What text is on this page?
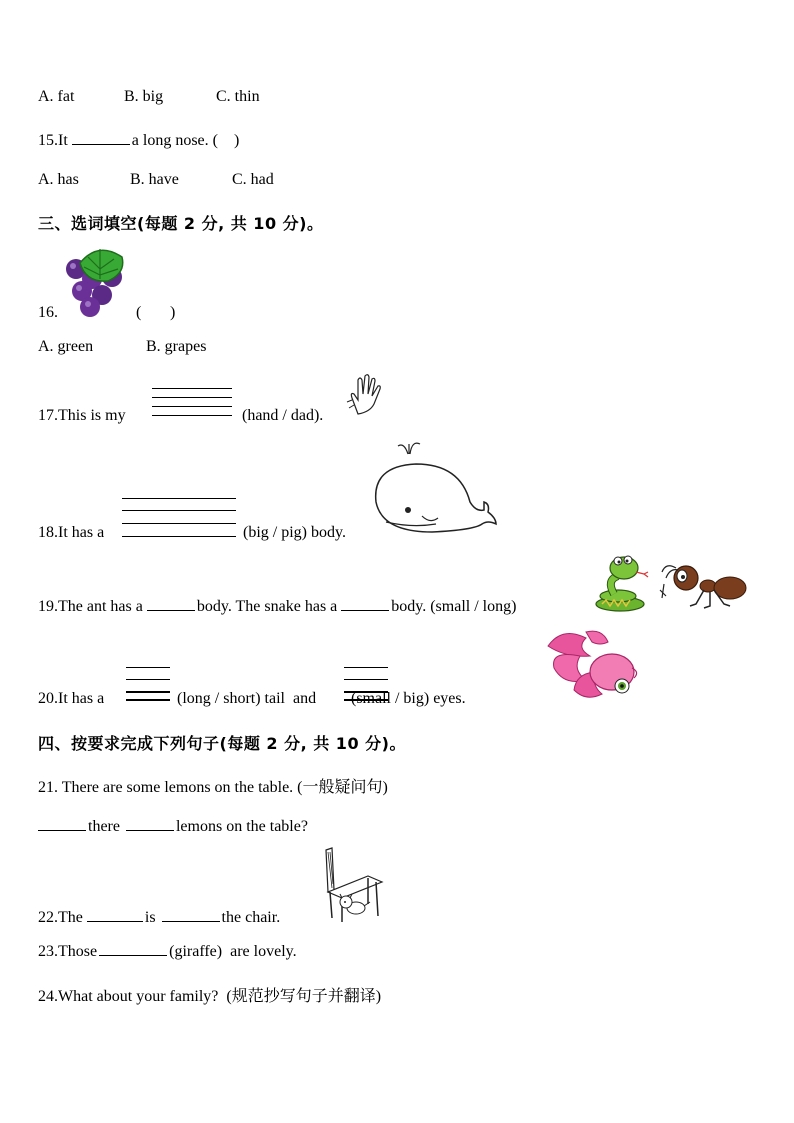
A. fat	B. big	C. thin
15.It	a long nose. ( )
A. has	B. have	C. had
三、选词填空(每题 2 分, 共 10 分)。
16.	(	)
A. green	B. grapes
17.This is my	(hand / dad).
18.It has a	(big / pig) body.
19.The ant has a	body. The snake has a	body. (small / long)
20.It has a	(long / short) tail and	(small / big) eyes.
四、按要求完成下列句子(每题 2 分, 共 10 分)。
21. There are some lemons on the table. (一般疑问句)
there	lemons on the table?
22.The	is	the chair.
23.Those	(giraffe)  are lovely.
24.What about your family?  (规范抄写句子并翻译)
